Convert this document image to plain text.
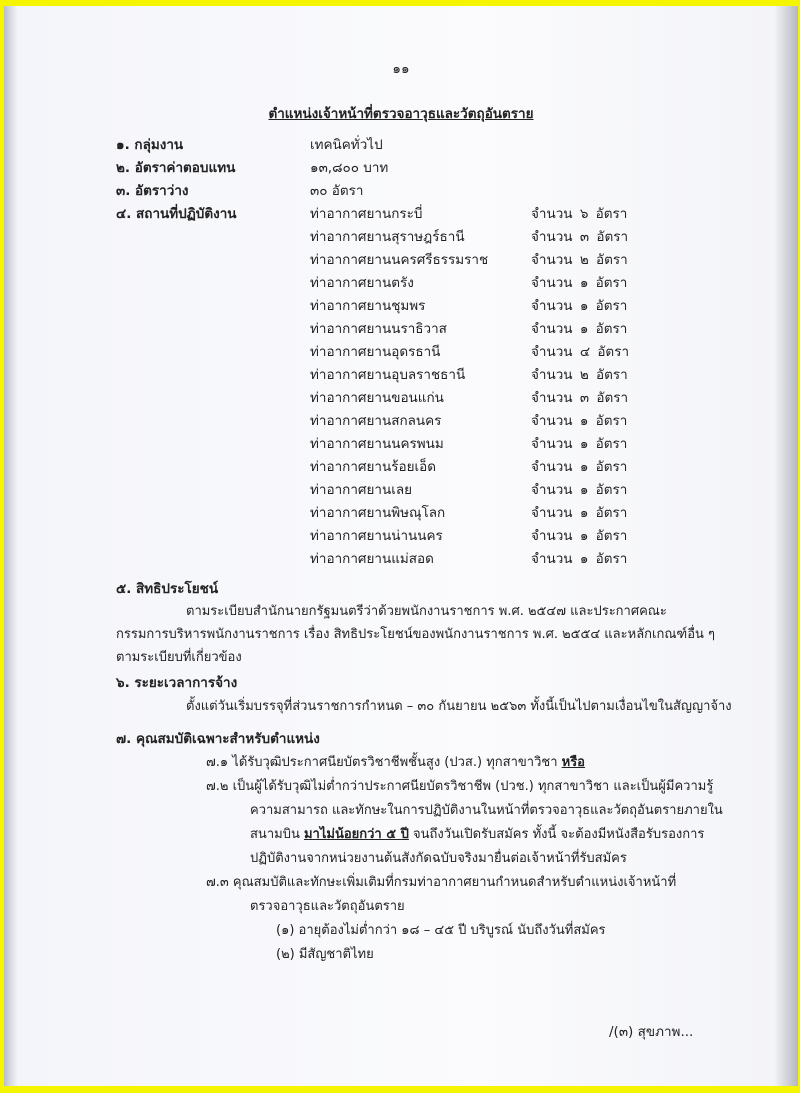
๑๑
ตำแหน่งเจ้าหน้าที่ตรวจอาวุธและวัตถุอันตราย
๑. กลุ่มงาน	เทคนิคทั่วไป
๒. อัตราค่าตอบแทน	๑๓,๘๐๐ บาท
๓. อัตราว่าง	๓๐ อัตรา
๔. สถานที่ปฏิบัติงาน	ท่าอากาศยานกระบี่	จำนวน ๖ อัตรา
ท่าอากาศยานสุราษฎร์ธานี	จำนวน ๓ อัตรา
ท่าอากาศยานนครศรีธรรมราช	จำนวน ๒ อัตรา
ท่าอากาศยานตรัง	จำนวน ๑ อัตรา
ท่าอากาศยานชุมพร	จำนวน ๑ อัตรา
ท่าอากาศยานนราธิวาส	จำนวน ๑ อัตรา
ท่าอากาศยานอุดรธานี	จำนวน ๔ อัตรา
ท่าอากาศยานอุบลราชธานี	จำนวน ๒ อัตรา
ท่าอากาศยานขอนแก่น	จำนวน ๓ อัตรา
ท่าอากาศยานสกลนคร	จำนวน ๑ อัตรา
ท่าอากาศยานนครพนม	จำนวน ๑ อัตรา
ท่าอากาศยานร้อยเอ็ด	จำนวน ๑ อัตรา
ท่าอากาศยานเลย	จำนวน ๑ อัตรา
ท่าอากาศยานพิษณุโลก	จำนวน ๑ อัตรา
ท่าอากาศยานน่านนคร	จำนวน ๑ อัตรา
ท่าอากาศยานแม่สอด	จำนวน ๑ อัตรา
๕. สิทธิประโยชน์
ตามระเบียบสำนักนายกรัฐมนตรีว่าด้วยพนักงานราชการ พ.ศ. ๒๕๔๗ และประกาศคณะ
กรรมการบริหารพนักงานราชการ เรื่อง สิทธิประโยชน์ของพนักงานราชการ พ.ศ. ๒๕๕๔ และหลักเกณฑ์อื่น ๆ
ตามระเบียบที่เกี่ยวข้อง
๖. ระยะเวลาการจ้าง
ตั้งแต่วันเริ่มบรรจุที่ส่วนราชการกำหนด – ๓๐ กันยายน ๒๕๖๓ ทั้งนี้เป็นไปตามเงื่อนไขในสัญญาจ้าง
๗. คุณสมบัติเฉพาะสำหรับตำแหน่ง
๗.๑ ได้รับวุฒิประกาศนียบัตรวิชาชีพชั้นสูง (ปวส.) ทุกสาขาวิชา หรือ
๗.๒ เป็นผู้ได้รับวุฒิไม่ต่ำกว่าประกาศนียบัตรวิชาชีพ (ปวช.) ทุกสาขาวิชา และเป็นผู้มีความรู้
ความสามารถ และทักษะในการปฏิบัติงานในหน้าที่ตรวจอาวุธและวัตถุอันตรายภายใน
สนามบิน มาไม่น้อยกว่า ๕ ปี จนถึงวันเปิดรับสมัคร ทั้งนี้ จะต้องมีหนังสือรับรองการ
ปฏิบัติงานจากหน่วยงานต้นสังกัดฉบับจริงมายื่นต่อเจ้าหน้าที่รับสมัคร
๗.๓ คุณสมบัติและทักษะเพิ่มเติมที่กรมท่าอากาศยานกำหนดสำหรับตำแหน่งเจ้าหน้าที่
ตรวจอาวุธและวัตถุอันตราย
(๑) อายุต้องไม่ต่ำกว่า ๑๘ – ๔๕ ปี บริบูรณ์ นับถึงวันที่สมัคร
(๒) มีสัญชาติไทย
/(๓) สุขภาพ...
